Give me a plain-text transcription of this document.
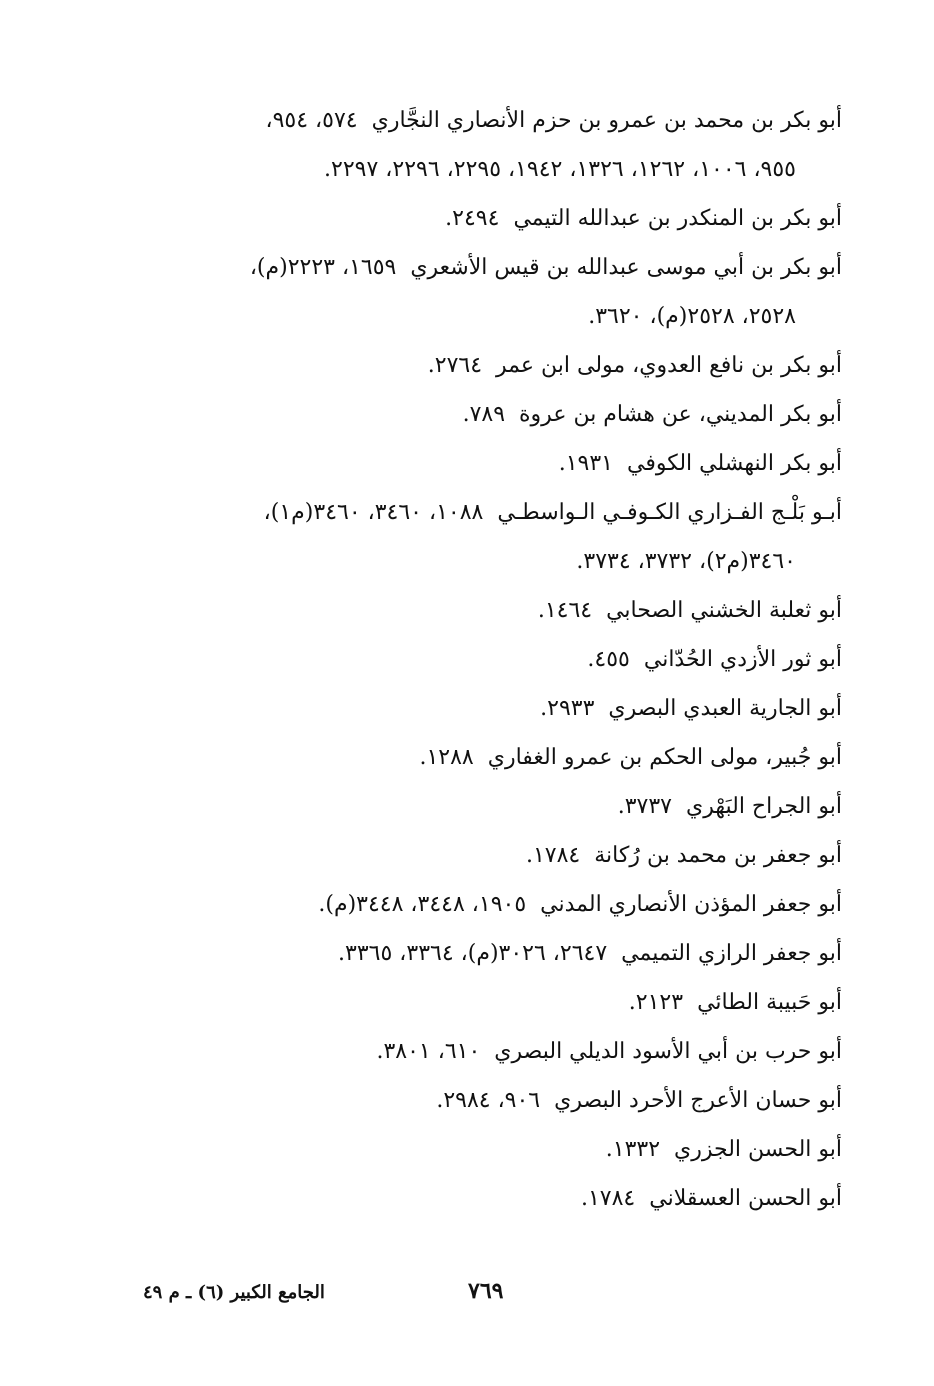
أبو بكر بن محمد بن عمرو بن حزم الأنصاري النجَّاري٥٧٤، ٩٥٤،
٩٥٥، ١٠٠٦، ١٢٦٢، ١٣٢٦، ١٩٤٢، ٢٢٩٥، ٢٢٩٦، ٢٢٩٧.
أبو بكر بن المنكدر بن عبدالله التيمي٢٤٩٤.
أبو بكر بن أبي موسى عبدالله بن قيس الأشعري١٦٥٩، ٢٢٢٣(م)،
٢٥٢٨، ٢٥٢٨(م)، ٣٦٢٠.
أبو بكر بن نافع العدوي، مولى ابن عمر٢٧٦٤.
أبو بكر المديني، عن هشام بن عروة٧٨٩.
أبو بكر النهشلي الكوفي١٩٣١.
أبـو بَلْـج الفـزاري الكـوفـي الـواسطـي١٠٨٨، ٣٤٦٠، ٣٤٦٠(م١)،
٣٤٦٠(م٢)، ٣٧٣٢، ٣٧٣٤.
أبو ثعلبة الخشني الصحابي١٤٦٤.
أبو ثور الأزدي الحُدّاني٤٥٥.
أبو الجارية العبدي البصري٢٩٣٣.
أبو جُبير، مولى الحكم بن عمرو الغفاري١٢٨٨.
أبو الجراح البَهْري٣٧٣٧.
أبو جعفر بن محمد بن رُكانة١٧٨٤.
أبو جعفر المؤذن الأنصاري المدني١٩٠٥، ٣٤٤٨، ٣٤٤٨(م).
أبو جعفر الرازي التميمي٢٦٤٧، ٣٠٢٦(م)، ٣٣٦٤، ٣٣٦٥.
أبو حَبيبة الطائي٢١٢٣.
أبو حرب بن أبي الأسود الديلي البصري٦١٠، ٣٨٠١.
أبو حسان الأعرج الأحرد البصري٩٠٦، ٢٩٨٤.
أبو الحسن الجزري١٣٣٢.
أبو الحسن العسقلاني١٧٨٤.
٧٦٩
الجامع الكبير (٦) ـ م ٤٩
